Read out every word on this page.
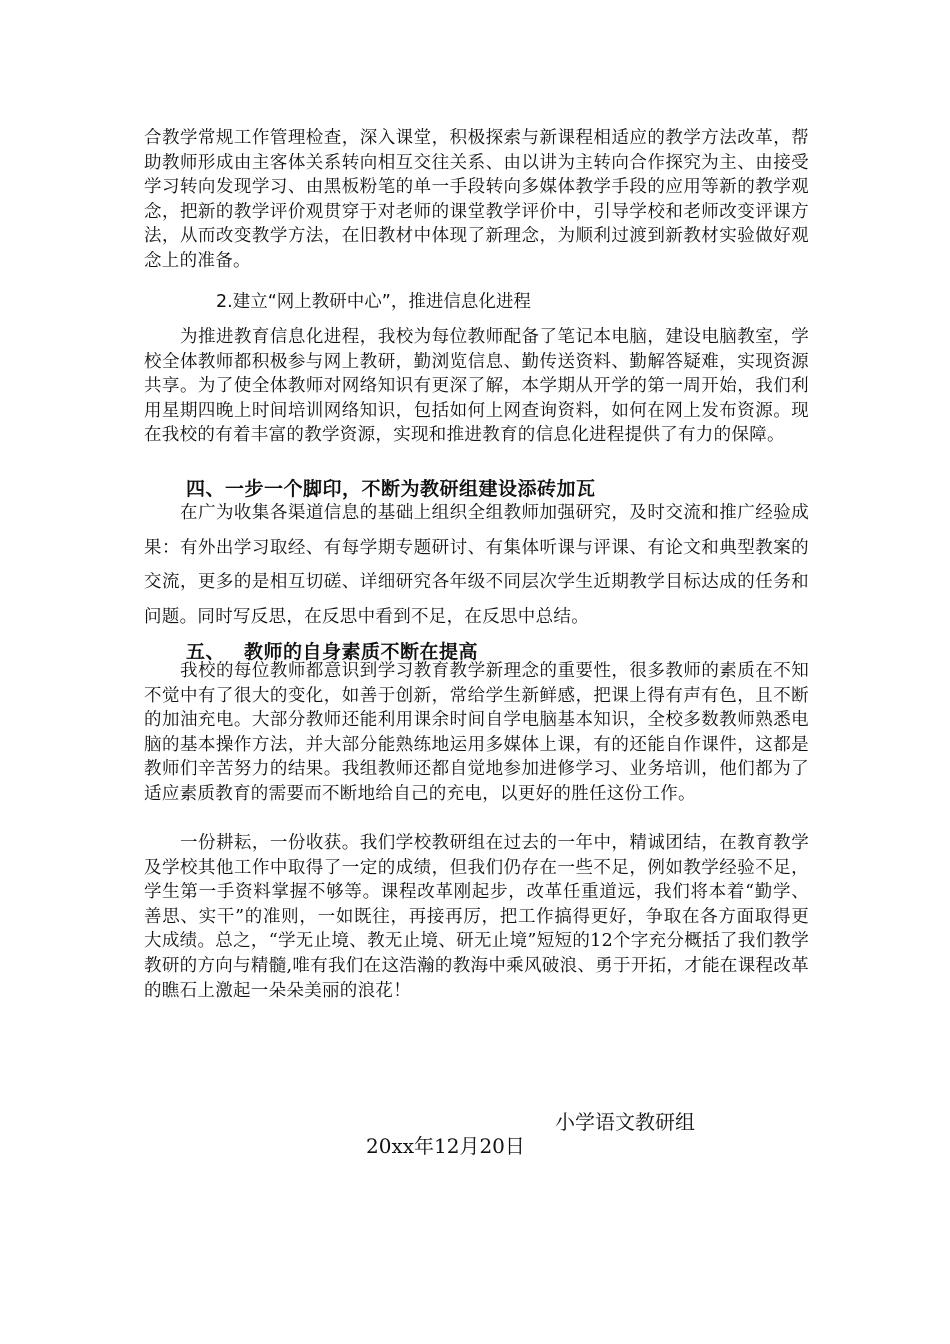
合教学常规工作管理检查，深入课堂，积极探索与新课程相适应的教学方法改革，帮助教师形成由主客体关系转向相互交往关系、由以讲为主转向合作探究为主、由接受学习转向发现学习、由黑板粉笔的单一手段转向多媒体教学手段的应用等新的教学观念，把新的教学评价观贯穿于对老师的课堂教学评价中，引导学校和老师改变评课方法，从而改变教学方法，在旧教材中体现了新理念，为顺利过渡到新教材实验做好观念上的准备。

2.建立“网上教研中心”，推进信息化进程

为推进教育信息化进程，我校为每位教师配备了笔记本电脑，建设电脑教室，学校全体教师都积极参与网上教研，勤浏览信息、勤传送资料、勤解答疑难，实现资源共享。为了使全体教师对网络知识有更深了解，本学期从开学的第一周开始，我们利用星期四晚上时间培训网络知识，包括如何上网查询资料，如何在网上发布资源。现在我校的有着丰富的教学资源，实现和推进教育的信息化进程提供了有力的保障。

四、一步一个脚印，不断为教研组建设添砖加瓦

在广为收集各渠道信息的基础上组织全组教师加强研究，及时交流和推广经验成果：有外出学习取经、有每学期专题研讨、有集体听课与评课、有论文和典型教案的交流，更多的是相互切磋、详细研究各年级不同层次学生近期教学目标达成的任务和问题。同时写反思，在反思中看到不足，在反思中总结。

五、 教师的自身素质不断在提高

我校的每位教师都意识到学习教育教学新理念的重要性，很多教师的素质在不知不觉中有了很大的变化，如善于创新，常给学生新鲜感，把课上得有声有色，且不断的加油充电。大部分教师还能利用课余时间自学电脑基本知识，全校多数教师熟悉电脑的基本操作方法，并大部分能熟练地运用多媒体上课，有的还能自作课件，这都是教师们辛苦努力的结果。我组教师还都自觉地参加进修学习、业务培训，他们都为了适应素质教育的需要而不断地给自己的充电，以更好的胜任这份工作。

一份耕耘，一份收获。我们学校教研组在过去的一年中，精诚团结，在教育教学及学校其他工作中取得了一定的成绩，但我们仍存在一些不足，例如教学经验不足，学生第一手资料掌握不够等。课程改革刚起步，改革任重道远，我们将本着“勤学、善思、实干”的准则，一如既往，再接再厉，把工作搞得更好，争取在各方面取得更大成绩。总之，“学无止境、教无止境、研无止境”短短的12个字充分概括了我们教学教研的方向与精髓,唯有我们在这浩瀚的教海中乘风破浪、勇于开拓，才能在课程改革的瞧石上激起一朵朵美丽的浪花！

小学语文教研组

20xx年12月20日
